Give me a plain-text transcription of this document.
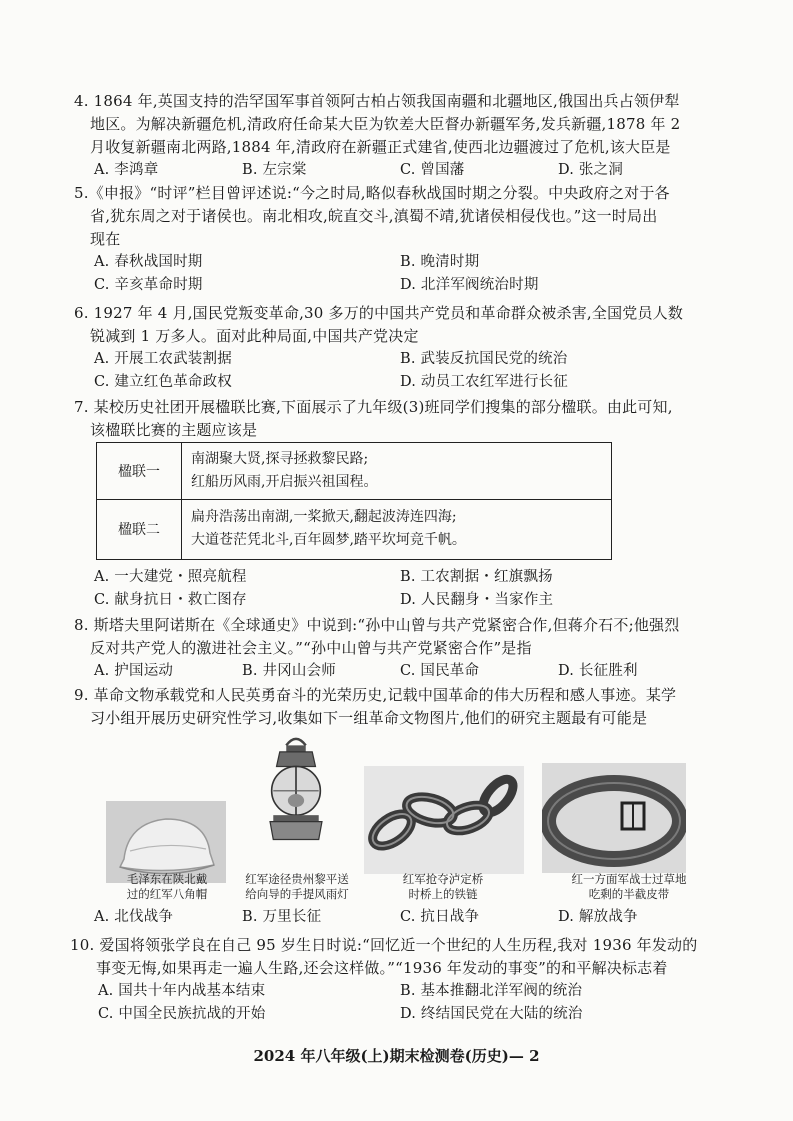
4. 1864 年,英国支持的浩罕国军事首领阿古柏占领我国南疆和北疆地区,俄国出兵占领伊犁
地区。为解决新疆危机,清政府任命某大臣为钦差大臣督办新疆军务,发兵新疆,1878 年 2
月收复新疆南北两路,1884 年,清政府在新疆正式建省,使西北边疆渡过了危机,该大臣是
A. 李鸿章	B. 左宗棠	C. 曾国藩	D. 张之洞
5.《申报》“时评”栏目曾评述说:“今之时局,略似春秋战国时期之分裂。中央政府之对于各
省,犹东周之对于诸侯也。南北相攻,皖直交斗,滇蜀不靖,犹诸侯相侵伐也。”这一时局出
现在
A. 春秋战国时期	B. 晚清时期
C. 辛亥革命时期	D. 北洋军阀统治时期
6. 1927 年 4 月,国民党叛变革命,30 多万的中国共产党员和革命群众被杀害,全国党员人数
锐减到 1 万多人。面对此种局面,中国共产党决定
A. 开展工农武装割据	B. 武装反抗国民党的统治
C. 建立红色革命政权	D. 动员工农红军进行长征
7. 某校历史社团开展楹联比赛,下面展示了九年级(3)班同学们搜集的部分楹联。由此可知,
该楹联比赛的主题应该是
楹联一
南湖聚大贤,探寻拯救黎民路;
红船历风雨,开启振兴祖国程。
楹联二
扁舟浩荡出南湖,一桨掀天,翻起波涛连四海;
大道苍茫凭北斗,百年圆梦,踏平坎坷竞千帆。
A. 一大建党・照亮航程	B. 工农割据・红旗飘扬
C. 献身抗日・救亡图存	D. 人民翻身・当家作主
8. 斯塔夫里阿诺斯在《全球通史》中说到:“孙中山曾与共产党紧密合作,但蒋介石不;他强烈
反对共产党人的激进社会主义。”“孙中山曾与共产党紧密合作”是指
A. 护国运动	B. 井冈山会师	C. 国民革命	D. 长征胜利
9. 革命文物承载党和人民英勇奋斗的光荣历史,记载中国革命的伟大历程和感人事迹。某学
习小组开展历史研究性学习,收集如下一组革命文物图片,他们的研究主题最有可能是
毛泽东在陕北戴
过的红军八角帽
红军途径贵州黎平送
给向导的手提风雨灯
红军抢夺泸定桥
时桥上的铁链
红一方面军战士过草地
吃剩的半截皮带
A. 北伐战争	B. 万里长征	C. 抗日战争	D. 解放战争
10. 爱国将领张学良在自己 95 岁生日时说:“回忆近一个世纪的人生历程,我对 1936 年发动的
事变无悔,如果再走一遍人生路,还会这样做。”“1936 年发动的事变”的和平解决标志着
A. 国共十年内战基本结束	B. 基本推翻北洋军阀的统治
C. 中国全民族抗战的开始	D. 终结国民党在大陆的统治
2024 年八年级(上)期末检测卷(历史)— 2
